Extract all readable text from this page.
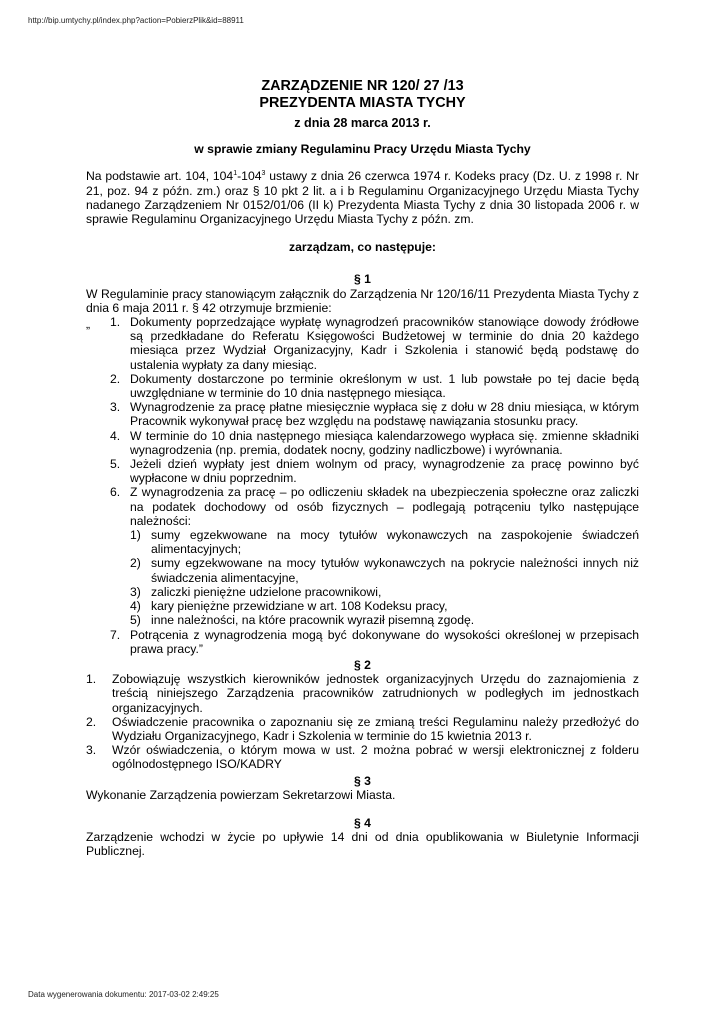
http://bip.umtychy.pl/index.php?action=PobierzPlik&id=88911
ZARZĄDZENIE NR 120/ 27 /13
PREZYDENTA MIASTA TYCHY
z dnia 28 marca 2013 r.
w sprawie zmiany Regulaminu Pracy Urzędu Miasta Tychy
Na podstawie art. 104, $104^1-104^3$ ustawy z dnia 26 czerwca 1974 r. Kodeks pracy (Dz. U. z 1998 r. Nr 21, poz. 94 z późn. zm.) oraz § 10 pkt 2 lit. a i b Regulaminu Organizacyjnego Urzędu Miasta Tychy nadanego Zarządzeniem Nr 0152/01/06 (II k) Prezydenta Miasta Tychy z dnia 30 listopada 2006 r. w sprawie Regulaminu Organizacyjnego Urzędu Miasta Tychy z późn. zm.
zarządzam, co następuje:
§ 1
W Regulaminie pracy stanowiącym załącznik do Zarządzenia Nr 120/16/11 Prezydenta Miasta Tychy z dnia 6 maja 2011 r. § 42 otrzymuje brzmienie:
„ 1. Dokumenty poprzedzające wypłatę wynagrodzeń pracowników stanowiące dowody źródłowe są przedkładane do Referatu Księgowości Budżetowej w terminie do dnia 20 każdego miesiąca przez Wydział Organizacyjny, Kadr i Szkolenia i stanowić będą podstawę do ustalenia wypłaty za dany miesiąc.
2. Dokumenty dostarczone po terminie określonym w ust. 1 lub powstałe po tej dacie będą uwzględniane w terminie do 10 dnia następnego miesiąca.
3. Wynagrodzenie za pracę płatne miesięcznie wypłaca się z dołu w 28 dniu miesiąca, w którym Pracownik wykonywał pracę bez względu na podstawę nawiązania stosunku pracy.
4. W terminie do 10 dnia następnego miesiąca kalendarzowego wypłaca się. zmienne składniki wynagrodzenia (np. premia, dodatek nocny, godziny nadliczbowe) i wyrównania.
5. Jeżeli dzień wypłaty jest dniem wolnym od pracy, wynagrodzenie za pracę powinno być wypłacone w dniu poprzednim.
6. Z wynagrodzenia za pracę – po odliczeniu składek na ubezpieczenia społeczne oraz zaliczki na podatek dochodowy od osób fizycznych – podlegają potrąceniu tylko następujące należności:
1) sumy egzekwowane na mocy tytułów wykonawczych na zaspokojenie świadczeń alimentacyjnych;
2) sumy egzekwowane na mocy tytułów wykonawczych na pokrycie należności innych niż świadczenia alimentacyjne,
3) zaliczki pieniężne udzielone pracownikowi,
4) kary pieniężne przewidziane w art. 108 Kodeksu pracy,
5) inne należności, na które pracownik wyraził pisemną zgodę.
7. Potrącenia z wynagrodzenia mogą być dokonywane do wysokości określonej w przepisach prawa pracy.”
§ 2
1. Zobowiązuję wszystkich kierowników jednostek organizacyjnych Urzędu do zaznajomienia z treścią niniejszego Zarządzenia pracowników zatrudnionych w podległych im jednostkach organizacyjnych.
2. Oświadczenie pracownika o zapoznaniu się ze zmianą treści Regulaminu należy przedłożyć do Wydziału Organizacyjnego, Kadr i Szkolenia w terminie do 15 kwietnia 2013 r.
3. Wzór oświadczenia, o którym mowa w ust. 2 można pobrać w wersji elektronicznej z folderu ogólnodostępnego ISO/KADRY
§ 3
Wykonanie Zarządzenia powierzam Sekretarzowi Miasta.
§ 4
Zarządzenie wchodzi w życie po upływie 14 dni od dnia opublikowania w Biuletynie Informacji Publicznej.
Data wygenerowania dokumentu: 2017-03-02 2:49:25
